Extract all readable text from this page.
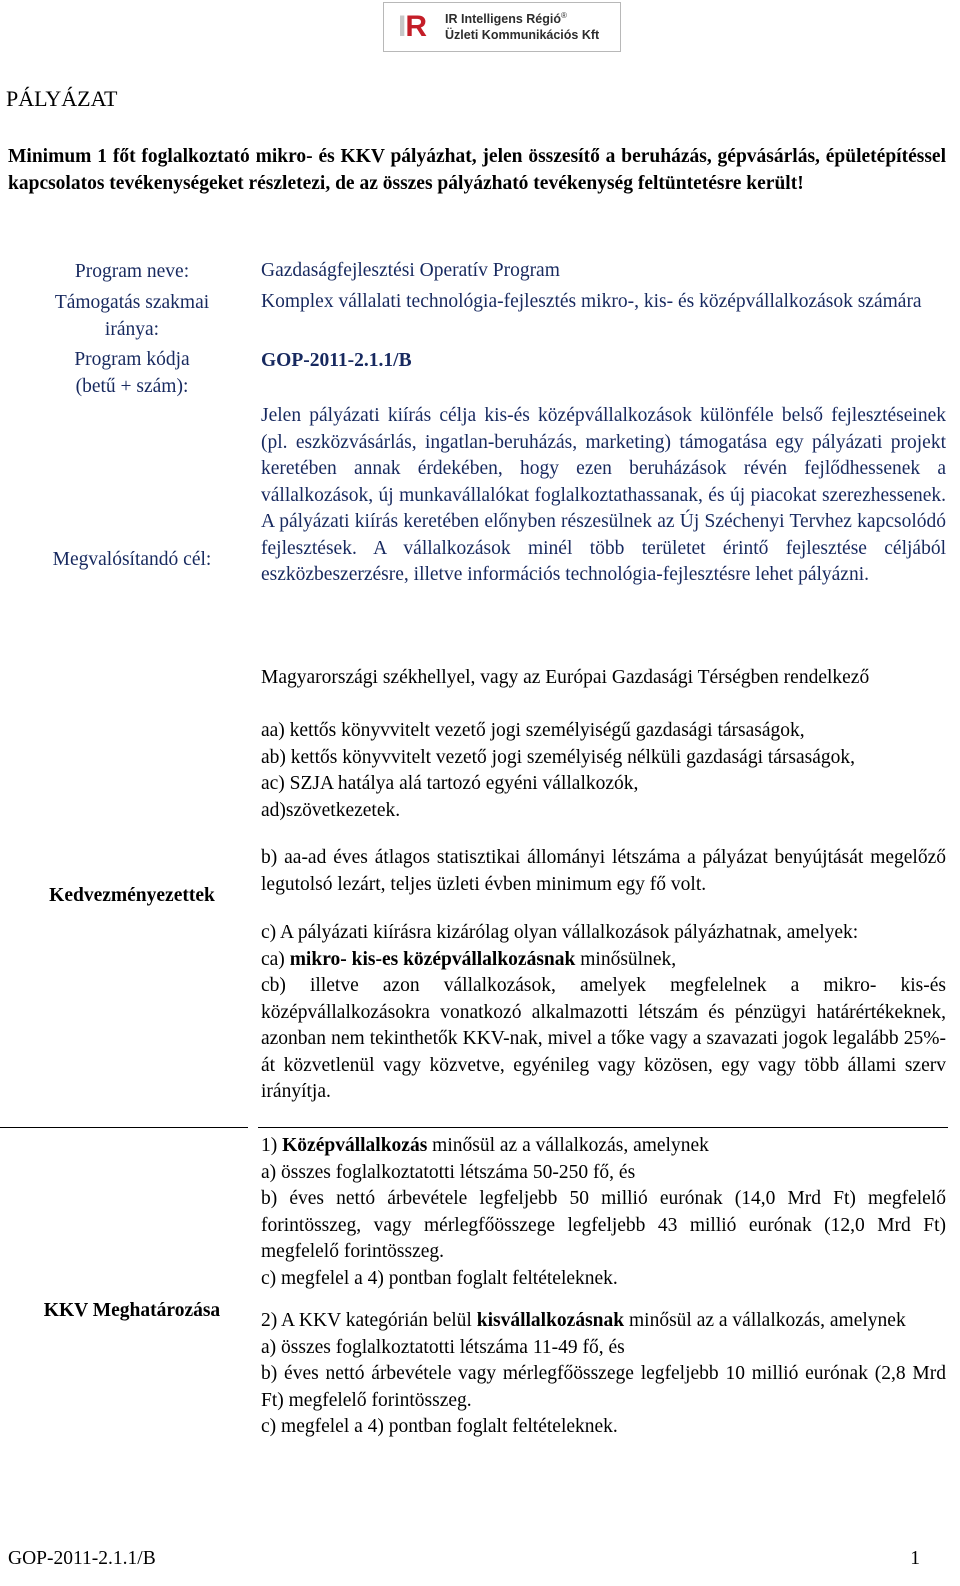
IR IR Intelligens Régió®
Üzleti Kommunikációs Kft
PÁLYÁZAT
Minimum 1 főt foglalkoztató mikro- és KKV pályázhat, jelen összesítő a beruházás, gépvásárlás, épületépítéssel kapcsolatos tevékenységeket részletezi, de az összes pályázható tevékenység feltüntetésre került!
Program neve:	Gazdaságfejlesztési Operatív Program
Támogatás szakmai
iránya:

Komplex vállalati technológia-fejlesztés mikro-, kis- és középvállalkozások számára

Program kódja
(betű + szám):
GOP-2011-2.1.1/B
Megvalósítandó cél:

Jelen pályázati kiírás célja kis-és középvállalkozások különféle belső fejlesztéseinek (pl. eszközvásárlás, ingatlan-beruházás, marketing) támogatása egy pályázati projekt keretében annak érdekében, hogy ezen beruházások révén fejlődhessenek a vállalkozások, új munkavállalókat foglalkoztathassanak, és új piacokat szerezhessenek. A pályázati kiírás keretében előnyben részesülnek az Új Széchenyi Tervhez kapcsolódó fejlesztések. A vállalkozások minél több területet érintő fejlesztése céljából eszközbeszerzésre, illetve információs technológia-fejlesztésre lehet pályázni.

Kedvezményezettek

Magyarországi székhellyel, vagy az Európai Gazdasági Térségben rendelkező

aa) kettős könyvvitelt vezető jogi személyiségű gazdasági társaságok,

ab) kettős könyvvitelt vezető jogi személyiség nélküli gazdasági társaságok,

ac) SZJA hatálya alá tartozó egyéni vállalkozók,

ad)szövetkezetek.

b) aa-ad éves átlagos statisztikai állományi létszáma a pályázat benyújtását megelőző legutolsó lezárt, teljes üzleti évben minimum egy fő volt.

c) A pályázati kiírásra kizárólag olyan vállalkozások pályázhatnak, amelyek:

ca) mikro- kis-es középvállalkozásnak minősülnek,

cb) illetve azon vállalkozások, amelyek megfelelnek a mikro- kis-és középvállalkozásokra vonatkozó alkalmazotti létszám és pénzügyi határértékeknek, azonban nem tekinthetők KKV-nak, mivel a tőke vagy a szavazati jogok legalább 25%-át közvetlenül vagy közvetve, egyénileg vagy közösen, egy vagy több állami szerv irányítja.

KKV Meghatározása

1) Középvállalkozás minősül az a vállalkozás, amelynek

a) összes foglalkoztatotti létszáma 50-250 fő, és

b) éves nettó árbevétele legfeljebb 50 millió eurónak (14,0 Mrd Ft) megfelelő forintösszeg, vagy mérlegfőösszege legfeljebb 43 millió eurónak (12,0 Mrd Ft) megfelelő forintösszeg.

c) megfelel a 4) pontban foglalt feltételeknek.

2) A KKV kategórián belül kisvállalkozásnak minősül az a vállalkozás, amelynek

a) összes foglalkoztatotti létszáma 11-49 fő, és

b) éves nettó árbevétele vagy mérlegfőösszege legfeljebb 10 millió eurónak (2,8 Mrd Ft) megfelelő forintösszeg.

c) megfelel a 4) pontban foglalt feltételeknek.

GOP-2011-2.1.1/B	1
